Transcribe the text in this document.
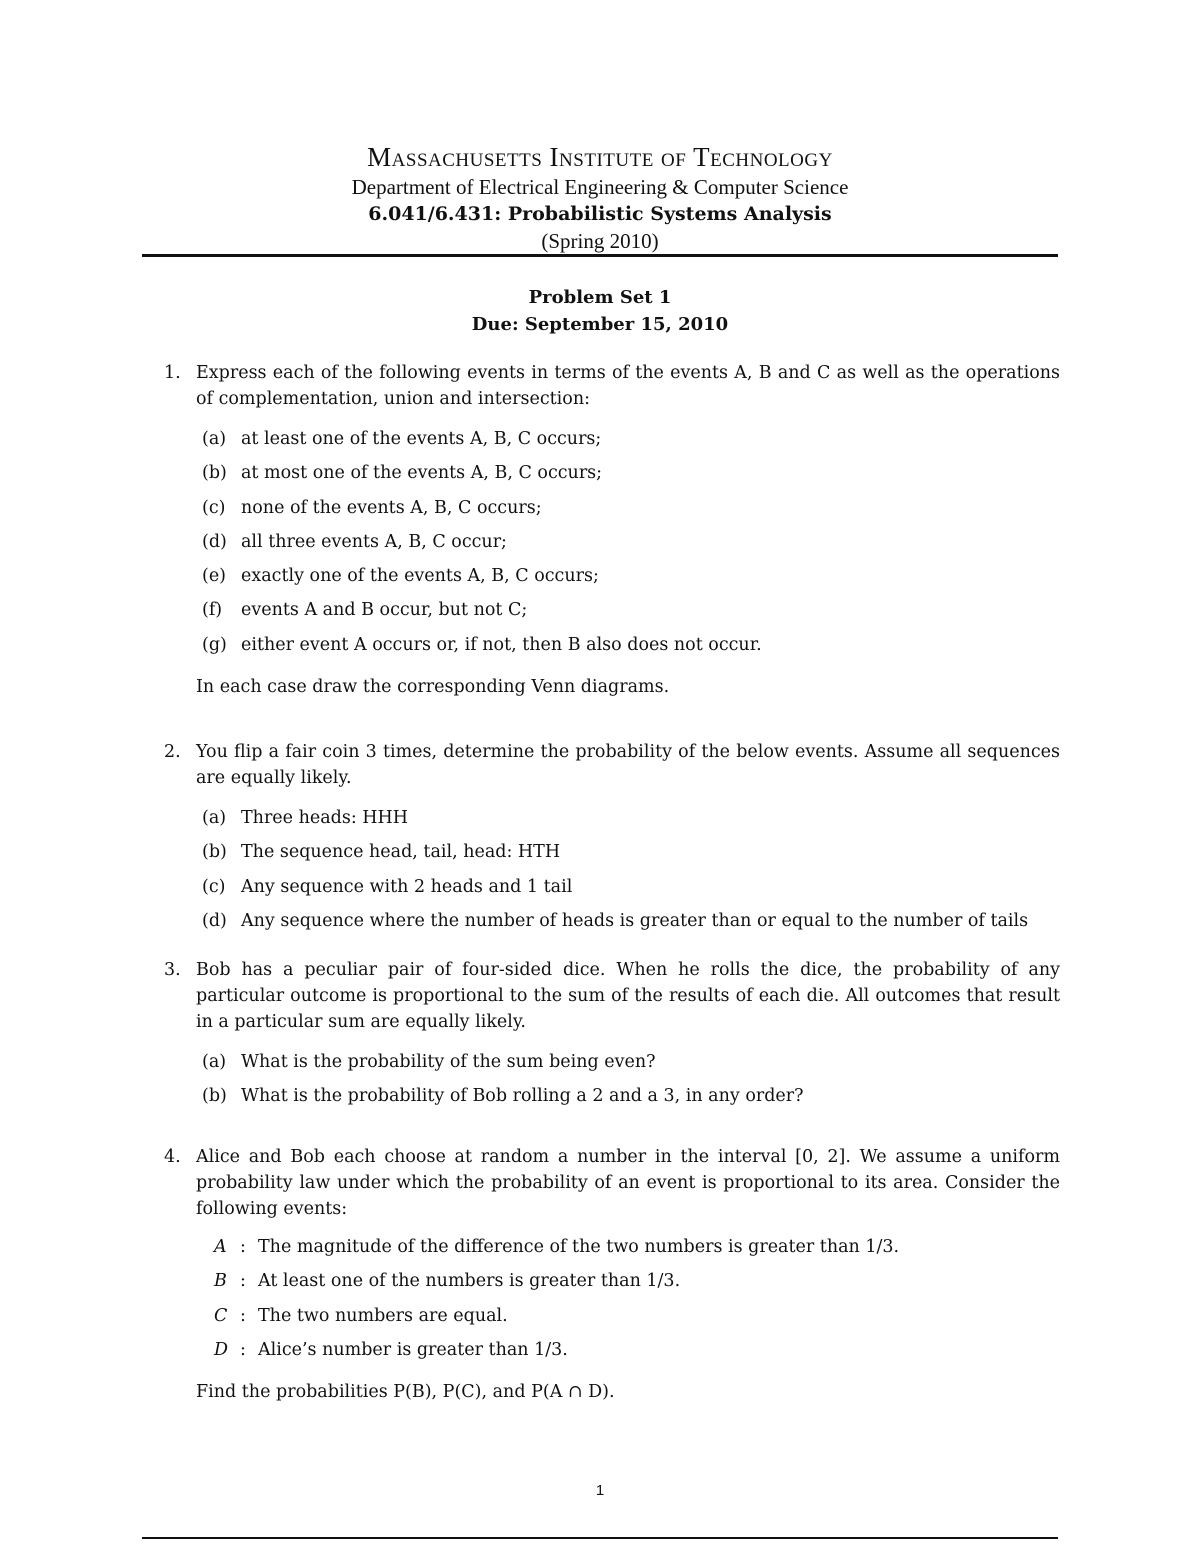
Massachusetts Institute of Technology
Department of Electrical Engineering & Computer Science
6.041/6.431: Probabilistic Systems Analysis
(Spring 2010)
Problem Set 1
Due: September 15, 2010
1. Express each of the following events in terms of the events A, B and C as well as the operations of complementation, union and intersection:
(a) at least one of the events A, B, C occurs;
(b) at most one of the events A, B, C occurs;
(c) none of the events A, B, C occurs;
(d) all three events A, B, C occur;
(e) exactly one of the events A, B, C occurs;
(f)	events A and B occur, but not C;
(g) either event A occurs or, if not, then B also does not occur.
In each case draw the corresponding Venn diagrams.
2. You flip a fair coin 3 times, determine the probability of the below events. Assume all sequences are equally likely.
(a) Three heads: HHH
(b) The sequence head, tail, head: HTH
(c) Any sequence with 2 heads and 1 tail
(d) Any sequence where the number of heads is greater than or equal to the number of tails
3. Bob has a peculiar pair of four-sided dice. When he rolls the dice, the probability of any particular outcome is proportional to the sum of the results of each die. All outcomes that result in a particular sum are equally likely.
(a) What is the probability of the sum being even?
(b) What is the probability of Bob rolling a 2 and a 3, in any order?
4. Alice and Bob each choose at random a number in the interval [0, 2]. We assume a uniform probability law under which the probability of an event is proportional to its area. Consider the following events:
A : The magnitude of the difference of the two numbers is greater than 1/3.
B : At least one of the numbers is greater than 1/3.
C : The two numbers are equal.
D : Alice’s number is greater than 1/3.
Find the probabilities P(B), P(C), and P(A ∩ D).
1
